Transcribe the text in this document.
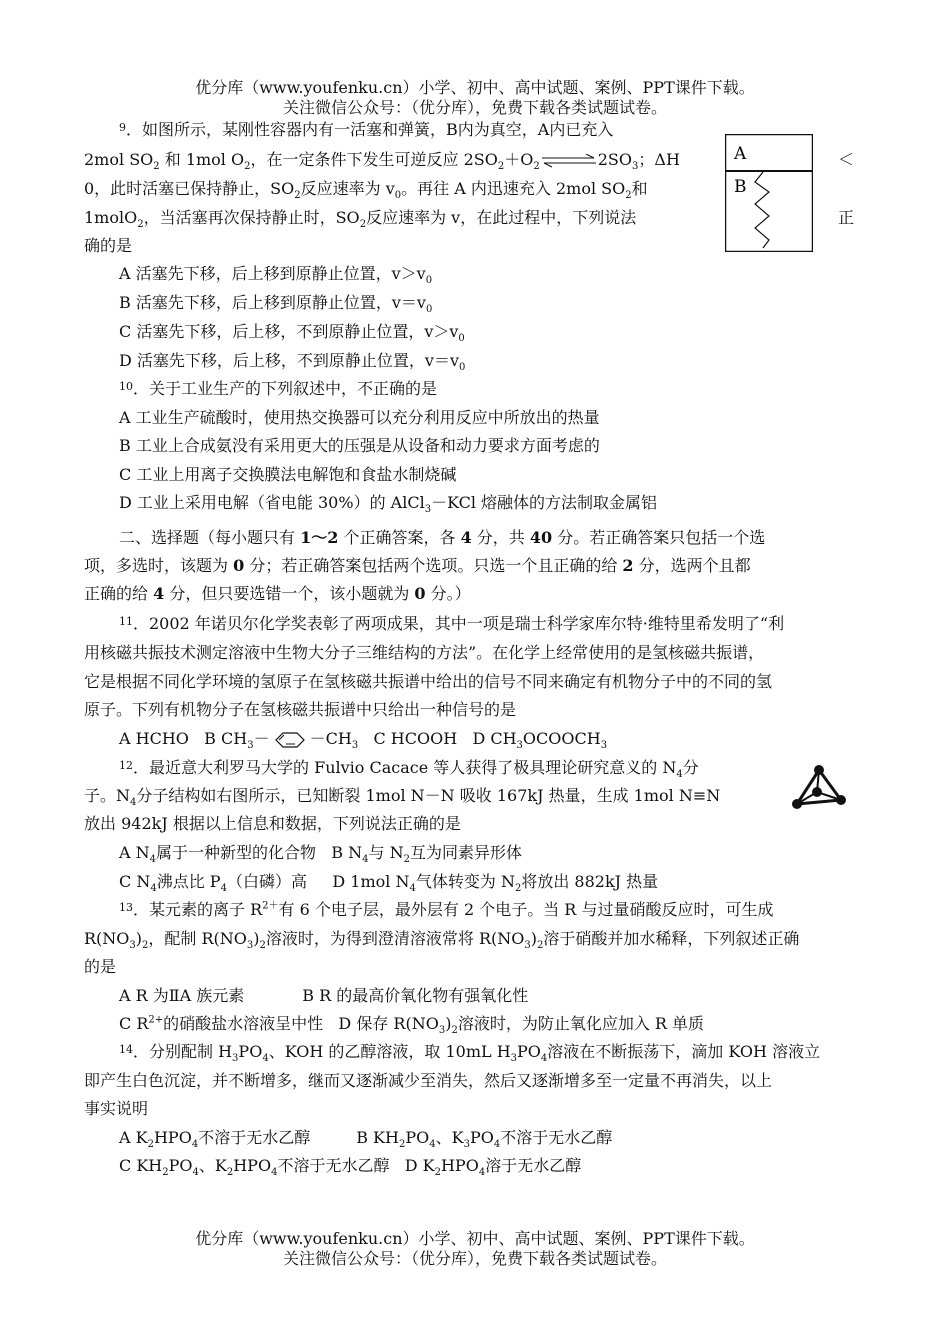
优分库（www.youfenku.cn）小学、初中、高中试题、案例、PPT课件下载。
关注微信公众号：（优分库），免费下载各类试题试卷。
$^9$．如图所示，某刚性容器内有一活塞和弹簧，B内为真空，A内已充入
2mol $SO_2$ 和 1mol $O_2$，在一定条件下发生可逆反应 $2SO_2+O_2$ ⇌ $2SO_3$；ΔH	＜
0，此时活塞已保持静止，$SO_2$反应速率为 $v_0$。再往 A 内迅速充入 2mol $SO_2$和
1molO$_2$，当活塞再次保持静止时，$SO_2$反应速率为 v，在此过程中，下列说法	正
确的是
A
B
A 活塞先下移，后上移到原静止位置，$v>v_0$
B 活塞先下移，后上移到原静止位置，$v=v_0$
C 活塞先下移，后上移，不到原静止位置，$v>v_0$
D 活塞先下移，后上移，不到原静止位置，$v=v_0$
$^{10}$．关于工业生产的下列叙述中，不正确的是
A 工业生产硫酸时，使用热交换器可以充分利用反应中所放出的热量
B 工业上合成氨没有采用更大的压强是从设备和动力要求方面考虑的
C 工业上用离子交换膜法电解饱和食盐水制烧碱
D 工业上采用电解（省电能 30%）的 AlCl$_3$－KCl 熔融体的方法制取金属铝
二、选择题（每小题只有 1～2 个正确答案，各 4 分，共 40 分。若正确答案只包括一个选
项，多选时，该题为 0 分；若正确答案包括两个选项。只选一个且正确的给 2 分，选两个且都
正确的给 4 分，但只要选错一个，该小题就为 0 分。）
$^{11}$．2002 年诺贝尔化学奖表彰了两项成果，其中一项是瑞士科学家库尔特·维特里希发明了“利
用核磁共振技术测定溶液中生物大分子三维结构的方法”。在化学上经常使用的是氢核磁共振谱，
它是根据不同化学环境的氢原子在氢核磁共振谱中给出的信号不同来确定有机物分子中的不同的氢
原子。下列有机物分子在氢核磁共振谱中只给出一种信号的是
A HCHO B $CH_3-$	$-CH_3$ C HCOOH D $CH_3OCOOCH_3$
$^{12}$．最近意大利罗马大学的 Fulvio Cacace 等人获得了极具理论研究意义的 $N_4$分
子。$N_4$分子结构如右图所示，已知断裂 1mol N－N 吸收 167kJ 热量，生成 1mol N≡N
放出 942kJ 根据以上信息和数据，下列说法正确的是
A $N_4$属于一种新型的化合物 B $N_4$与 $N_2$互为同素异形体
C $N_4$沸点比 $P_4$（白磷）高 D 1mol $N_4$气体转变为 $N_2$将放出 882kJ 热量
$^{13}$．某元素的离子 $R^{2+}$有 6 个电子层，最外层有 2 个电子。当 R 与过量硝酸反应时，可生成
$R(NO_3)_2$，配制 $R(NO_3)_2$溶液时，为得到澄清溶液常将 $R(NO_3)_2$溶于硝酸并加水稀释，下列叙述正确
的是
A R 为ⅡA 族元素	B R 的最高价氧化物有强氧化性
C $R^{2+}$的硝酸盐水溶液呈中性 D 保存 $R(NO_3)_2$溶液时，为防止氧化应加入 R 单质
$^{14}$．分别配制 $H_3PO_4$、KOH 的乙醇溶液，取 10mL $H_3PO_4$溶液在不断振荡下，滴加 KOH 溶液立
即产生白色沉淀，并不断增多，继而又逐渐减少至消失，然后又逐渐增多至一定量不再消失，以上
事实说明
A $K_2HPO_4$不溶于无水乙醇	B $KH_2PO_4$、$K_3PO_4$不溶于无水乙醇
C $KH_2PO_4$、$K_2HPO_4$不溶于无水乙醇 D $K_2HPO_4$溶于无水乙醇
优分库（www.youfenku.cn）小学、初中、高中试题、案例、PPT课件下载。
关注微信公众号：（优分库），免费下载各类试题试卷。
